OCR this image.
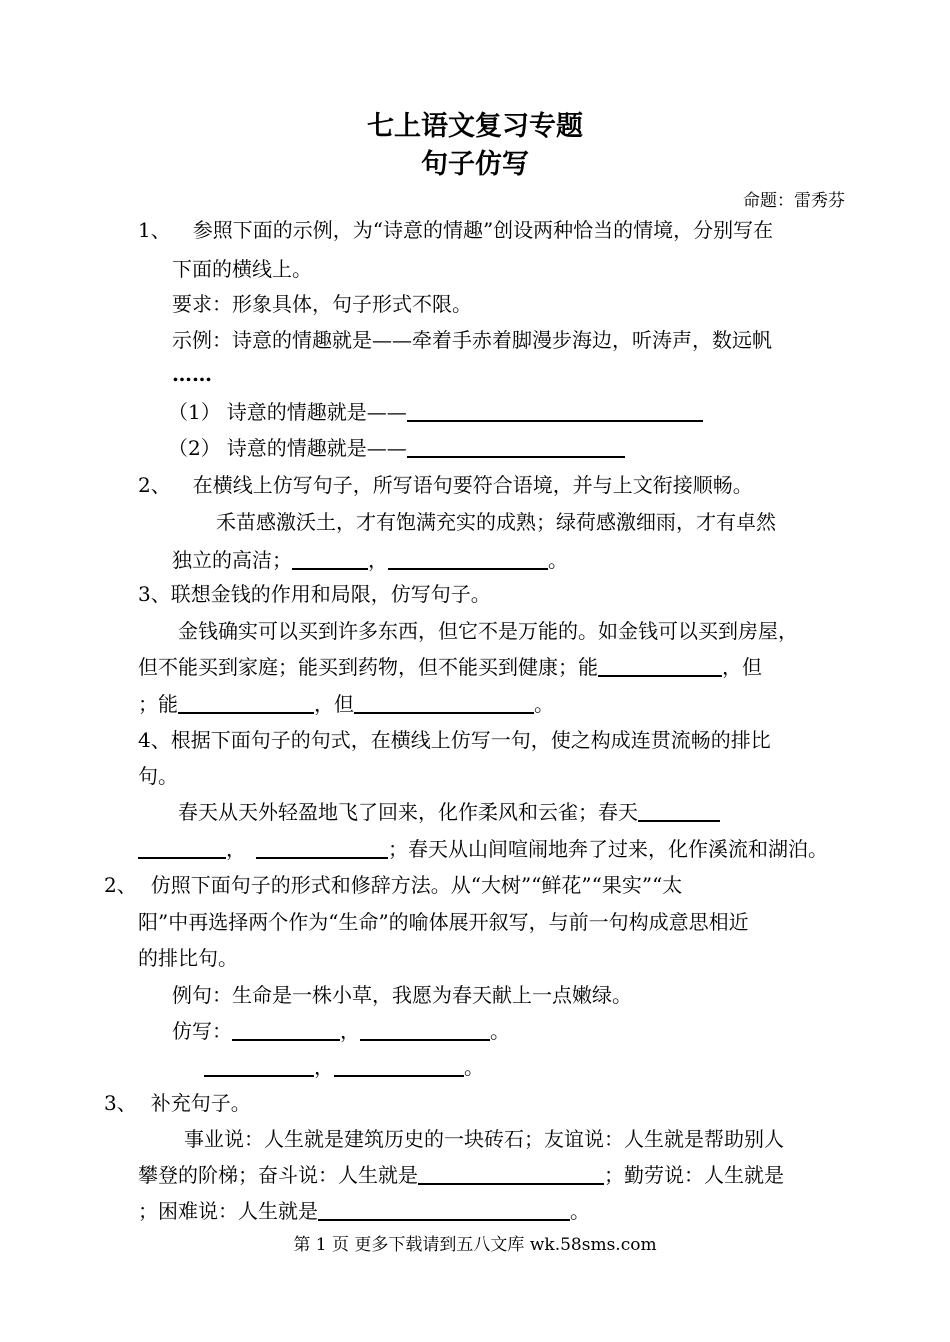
七上语文复习专题
句子仿写
命题：雷秀芬
1、 参照下面的示例，为“诗意的情趣”创设两种恰当的情境，分别写在
下面的横线上。
要求：形象具体，句子形式不限。
示例：诗意的情趣就是——牵着手赤着脚漫步海边，听涛声，数远帆
……
（1） 诗意的情趣就是——
（2） 诗意的情趣就是——
2、 在横线上仿写句子，所写语句要符合语境，并与上文衔接顺畅。
禾苗感激沃土，才有饱满充实的成熟；绿荷感激细雨，才有卓然
独立的高洁；	，	。
3、联想金钱的作用和局限，仿写句子。
金钱确实可以买到许多东西，但它不是万能的。如金钱可以买到房屋，
但不能买到家庭；能买到药物，但不能买到健康；能	，但
；能	，但	。
4、根据下面句子的句式，在横线上仿写一句，使之构成连贯流畅的排比
句。
春天从天外轻盈地飞了回来，化作柔风和云雀；春天
，	；春天从山间喧闹地奔了过来，化作溪流和湖泊。
2、 仿照下面句子的形式和修辞方法。从“大树”“鲜花”“果实”“太
阳”中再选择两个作为“生命”的喻体展开叙写，与前一句构成意思相近
的排比句。
例句：生命是一株小草，我愿为春天献上一点嫩绿。
仿写：	，	。
，	。
3、 补充句子。
事业说：人生就是建筑历史的一块砖石；友谊说：人生就是帮助别人
攀登的阶梯；奋斗说：人生就是	；勤劳说：人生就是
；困难说：人生就是	。
第 1 页 更多下载请到五八文库 wk.58sms.com
